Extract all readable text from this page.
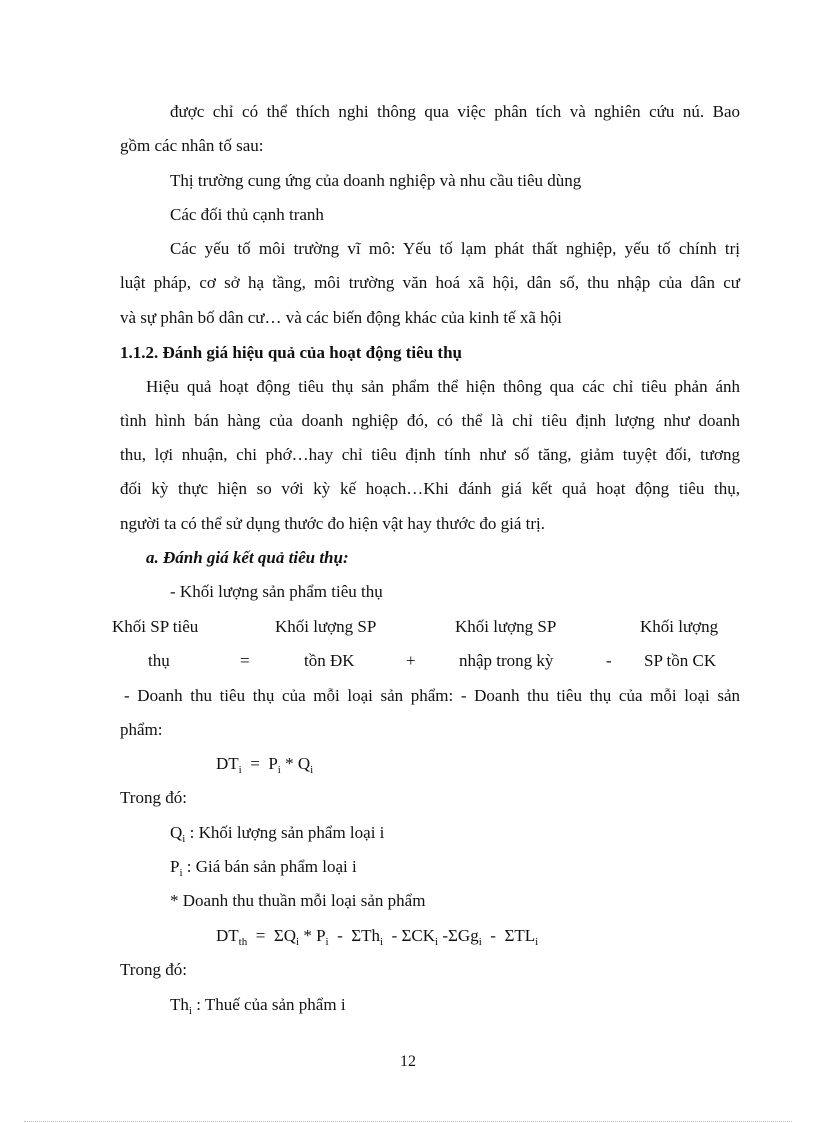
được chỉ có thể thích nghi thông qua việc phân tích và nghiên cứu nú. Bao
gồm các nhân tố sau:
Thị trường cung ứng của doanh nghiệp và nhu cầu tiêu dùng
Các đối thủ cạnh tranh
Các yếu tố môi trường vĩ mô: Yếu tố lạm phát thất nghiệp, yếu tố chính trị
luật pháp, cơ sở hạ tầng, môi trường văn hoá xã hội, dân số, thu nhập của dân cư
và sự phân bố dân cư… và các biến động khác của kinh tế xã hội
1.1.2. Đánh giá hiệu quả của hoạt động tiêu thụ
Hiệu quả hoạt động tiêu thụ sản phẩm thể hiện thông qua các chỉ tiêu phản ánh
tình hình bán hàng của doanh nghiệp đó, có thể là chỉ tiêu định lượng như doanh
thu, lợi nhuận, chi phớ…hay chỉ tiêu định tính như số tăng, giảm tuyệt đối, tương
đối kỳ thực hiện so với kỳ kế hoạch…Khi đánh giá kết quả hoạt động tiêu thụ,
người ta có thể sử dụng thước đo hiện vật hay thước đo giá trị.
a. Đánh giá kết quả tiêu thụ:
- Khối lượng sản phẩm tiêu thụ
Khối SP tiêu	Khối lượng SP	Khối lượng SP	Khối lượng
thụ	=	tồn ĐK	+	nhập trong kỳ	- SP tồn CK
- Doanh thu tiêu thụ của mỗi loại sản phẩm: - Doanh thu tiêu thụ của mỗi loại sản
phẩm:
$DT_i = P_i * Q_i$
Trong đó:
$Q_i$ : Khối lượng sản phẩm loại i
$P_i$ : Giá bán sản phẩm loại i
* Doanh thu thuần mỗi loại sản phẩm
$DT_{th} = \Sigma Q_i * P_i - \Sigma Th_i - \Sigma CK_i$ $-\Sigma Gg_i - \Sigma TL_i$
Trong đó:
$Th_i$ : Thuế của sản phẩm i
12
